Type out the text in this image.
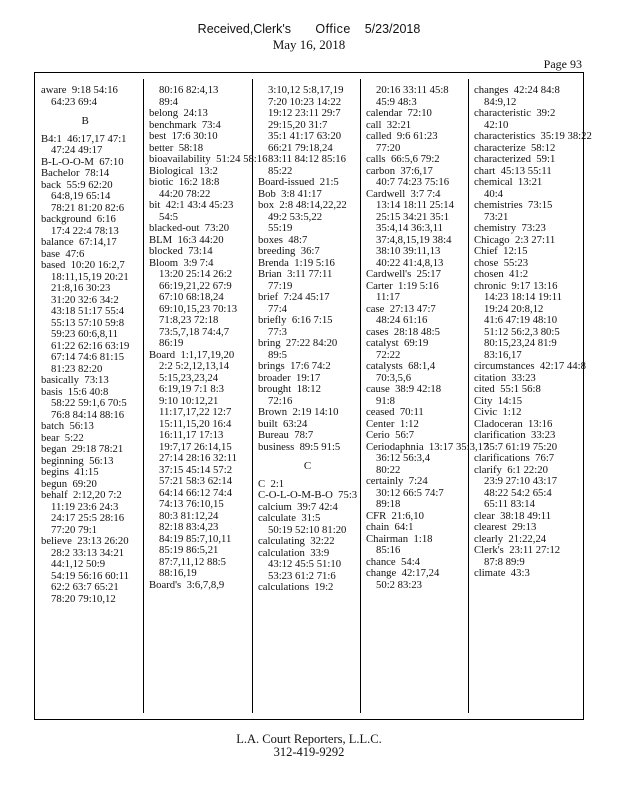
Received,Clerk's Office 5/23/2018
May 16, 2018
Page 93
aware 9:18 54:16
64:23 69:4
B
B4:1 46:17,17 47:1
47:24 49:17
B-L-O-O-M 67:10
Bachelor 78:14
back 55:9 62:20
64:8,19 65:14
78:21 81:20 82:6
background 6:16
17:4 22:4 78:13
balance 67:14,17
base 47:6
based 10:20 16:2,7
18:11,15,19 20:21
21:8,16 30:23
31:20 32:6 34:2
43:18 51:17 55:4
55:13 57:10 59:8
59:23 60:6,8,11
61:22 62:16 63:19
67:14 74:6 81:15
81:23 82:20
basically 73:13
basis 15:6 40:8
58:22 59:1,6 70:5
76:8 84:14 88:16
batch 56:13
bear 5:22
began 29:18 78:21
beginning 56:13
begins 41:15
begun 69:20
behalf 2:12,20 7:2
11:19 23:6 24:3
24:17 25:5 28:16
77:20 79:1
believe 23:13 26:20
28:2 33:13 34:21
44:1,12 50:9
54:19 56:16 60:11
62:2 63:7 65:21
78:20 79:10,12
80:16 82:4,13
89:4
belong 24:13
benchmark 73:4
best 17:6 30:10
better 58:18
bioavailability 51:24 58:16
Biological 13:2
biotic 16:2 18:8
44:20 78:22
bit 42:1 43:4 45:23
54:5
blacked-out 73:20
BLM 16:3 44:20
blocked 73:14
Bloom 3:9 7:4
13:20 25:14 26:2
66:19,21,22 67:9
67:10 68:18,24
69:10,15,23 70:13
71:8,23 72:18
73:5,7,18 74:4,7
86:19
Board 1:1,17,19,20
2:2 5:2,12,13,14
5:15,23,23,24
6:19,19 7:1 8:3
9:10 10:12,21
11:17,17,22 12:7
15:11,15,20 16:4
16:11,17 17:13
19:7,17 26:14,15
27:14 28:16 32:11
37:15 45:14 57:2
57:21 58:3 62:14
64:14 66:12 74:4
74:13 76:10,15
80:3 81:12,24
82:18 83:4,23
84:19 85:7,10,11
85:19 86:5,21
87:7,11,12 88:5
88:16,19
Board's 3:6,7,8,9
3:10,12 5:8,17,19
7:20 10:23 14:22
19:12 23:11 29:7
29:15,20 31:7
35:1 41:17 63:20
66:21 79:18,24
83:11 84:12 85:16
85:22
Board-issued 21:5
Bob 3:8 41:17
box 2:8 48:14,22,22
49:2 53:5,22
55:19
boxes 48:7
breeding 36:7
Brenda 1:19 5:16
Brian 3:11 77:11
77:19
brief 7:24 45:17
77:4
briefly 6:16 7:15
77:3
bring 27:22 84:20
89:5
brings 17:6 74:2
broader 19:17
brought 18:12
72:16
Brown 2:19 14:10
built 63:24
Bureau 78:7
business 89:5 91:5
C
C 2:1
C-O-L-O-M-B-O 75:3
calcium 39:7 42:4
calculate 31:5
50:19 52:10 81:20
calculating 32:22
calculation 33:9
43:12 45:5 51:10
53:23 61:2 71:6
calculations 19:2
20:16 33:11 45:8
45:9 48:3
calendar 72:10
call 32:21
called 9:6 61:23
77:20
calls 66:5,6 79:2
carbon 37:6,17
40:7 74:23 75:16
Cardwell 3:7 7:4
13:14 18:11 25:14
25:15 34:21 35:1
35:4,14 36:3,11
37:4,8,15,19 38:4
38:10 39:11,13
40:22 41:4,8,13
Cardwell's 25:17
Carter 1:19 5:16
11:17
case 27:13 47:7
48:24 61:16
cases 28:18 48:5
catalyst 69:19
72:22
catalysts 68:1,4
70:3,5,6
cause 38:9 42:18
91:8
ceased 70:11
Center 1:12
Cerio 56:7
Ceriodaphnia 13:17 35:3,17
36:12 56:3,4
80:22
certainly 7:24
30:12 66:5 74:7
89:18
CFR 21:6,10
chain 64:1
Chairman 1:18
85:16
chance 54:4
change 42:17,24
50:2 83:23
changes 42:24 84:8
84:9,12
characteristic 39:2
42:10
characteristics 35:19 38:22
characterize 58:12
characterized 59:1
chart 45:13 55:11
chemical 13:21
40:4
chemistries 73:15
73:21
chemistry 73:23
Chicago 2:3 27:11
Chief 12:15
chose 55:23
chosen 41:2
chronic 9:17 13:16
14:23 18:14 19:11
19:24 20:8,12
41:6 47:19 48:10
51:12 56:2,3 80:5
80:15,23,24 81:9
83:16,17
circumstances 42:17 44:8
citation 33:23
cited 55:1 56:8
City 14:15
Civic 1:12
Cladoceran 13:16
clarification 33:23
35:7 61:19 75:20
clarifications 76:7
clarify 6:1 22:20
23:9 27:10 43:17
48:22 54:2 65:4
65:11 83:14
clear 38:18 49:11
clearest 29:13
clearly 21:22,24
Clerk's 23:11 27:12
87:8 89:9
climate 43:3
L.A. Court Reporters, L.L.C.
312-419-9292
